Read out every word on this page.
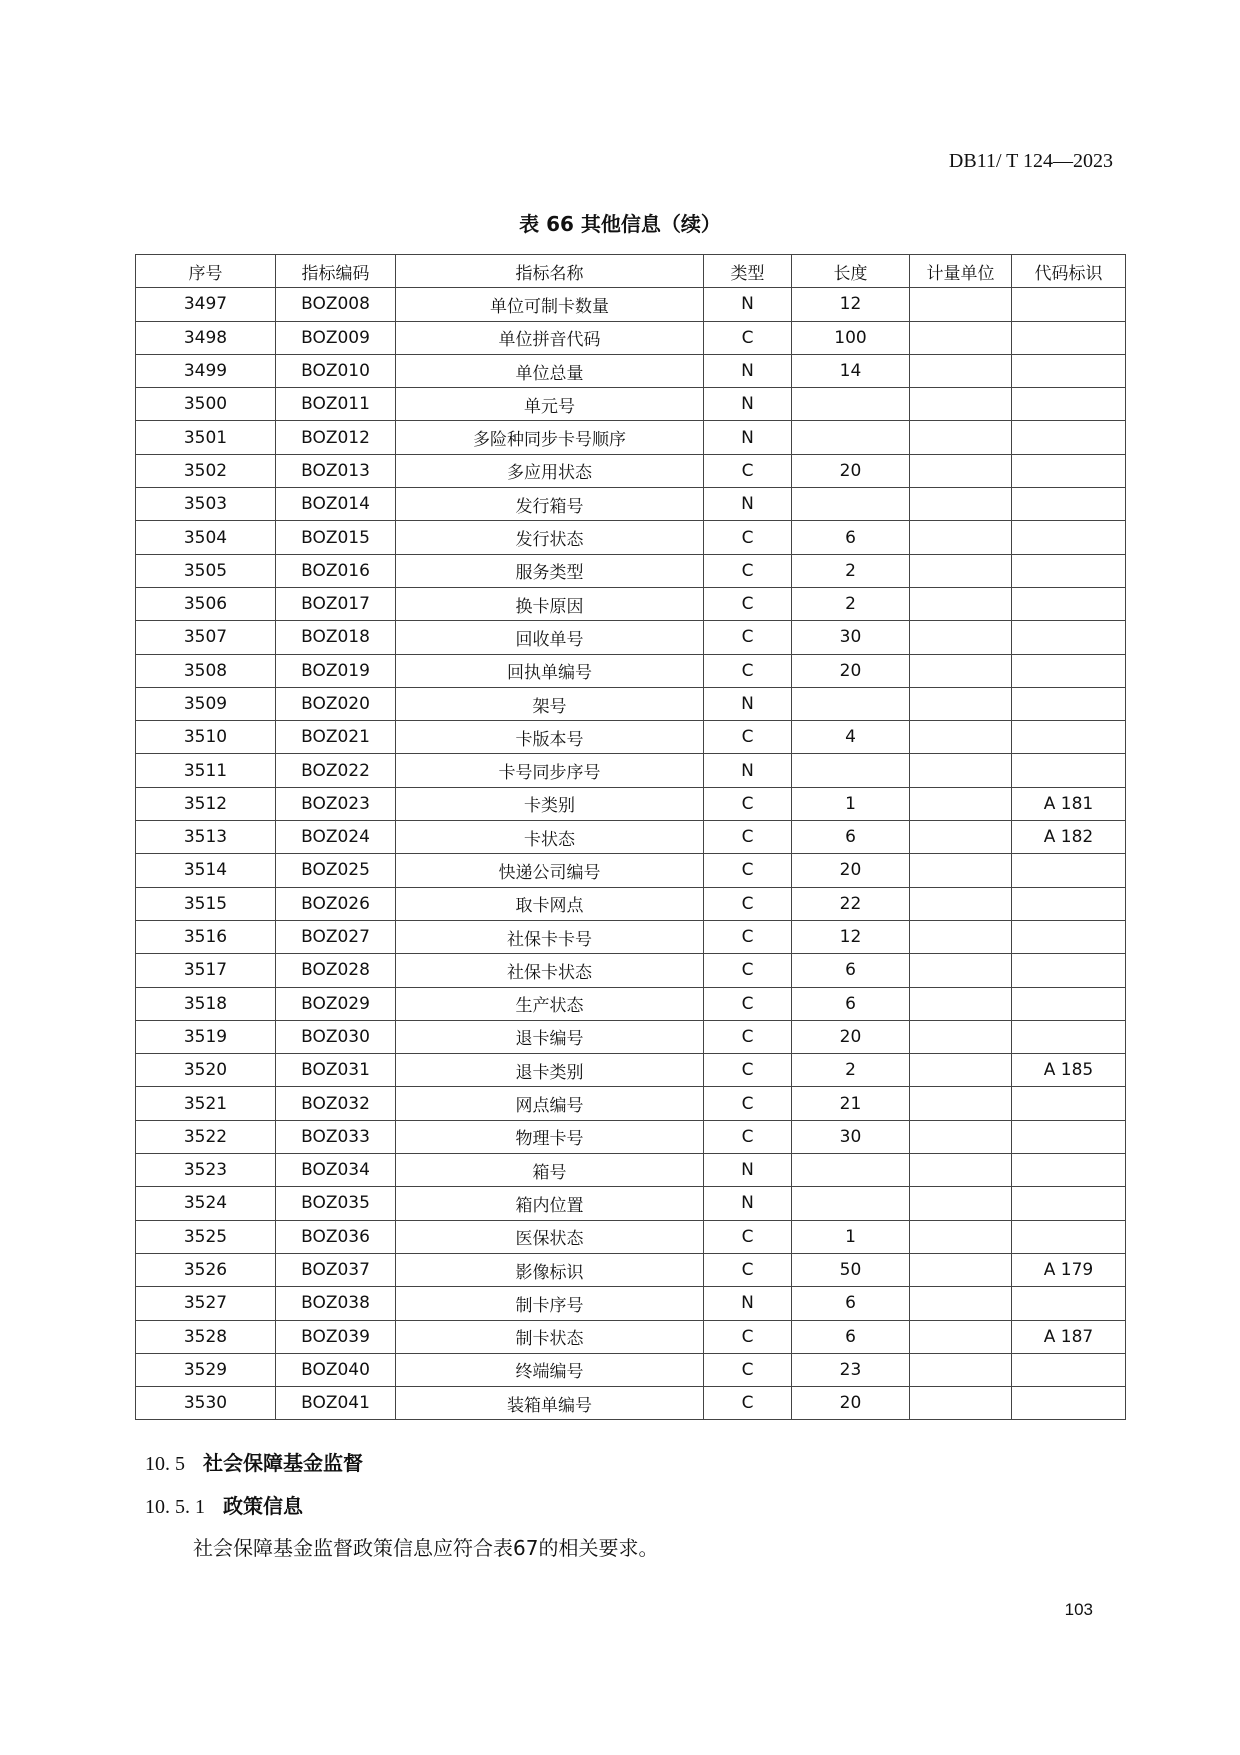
DB11/ T 124—2023
表 66 其他信息（续）
序号	指标编码	指标名称	类型	长度	计量单位	代码标识
3497	BOZ008	单位可制卡数量	N	12		
3498	BOZ009	单位拼音代码	C	100		
3499	BOZ010	单位总量	N	14		
3500	BOZ011	单元号	N			
3501	BOZ012	多险种同步卡号顺序	N			
3502	BOZ013	多应用状态	C	20		
3503	BOZ014	发行箱号	N			
3504	BOZ015	发行状态	C	6		
3505	BOZ016	服务类型	C	2		
3506	BOZ017	换卡原因	C	2		
3507	BOZ018	回收单号	C	30		
3508	BOZ019	回执单编号	C	20		
3509	BOZ020	架号	N			
3510	BOZ021	卡版本号	C	4		
3511	BOZ022	卡号同步序号	N			
3512	BOZ023	卡类别	C	1		A 181
3513	BOZ024	卡状态	C	6		A 182
3514	BOZ025	快递公司编号	C	20		
3515	BOZ026	取卡网点	C	22		
3516	BOZ027	社保卡卡号	C	12		
3517	BOZ028	社保卡状态	C	6		
3518	BOZ029	生产状态	C	6		
3519	BOZ030	退卡编号	C	20		
3520	BOZ031	退卡类别	C	2		A 185
3521	BOZ032	网点编号	C	21		
3522	BOZ033	物理卡号	C	30		
3523	BOZ034	箱号	N			
3524	BOZ035	箱内位置	N			
3525	BOZ036	医保状态	C	1		
3526	BOZ037	影像标识	C	50		A 179
3527	BOZ038	制卡序号	N	6		
3528	BOZ039	制卡状态	C	6		A 187
3529	BOZ040	终端编号	C	23		
3530	BOZ041	装箱单编号	C	20		
10. 5 社会保障基金监督
10. 5. 1 政策信息
社会保障基金监督政策信息应符合表67的相关要求。
103
